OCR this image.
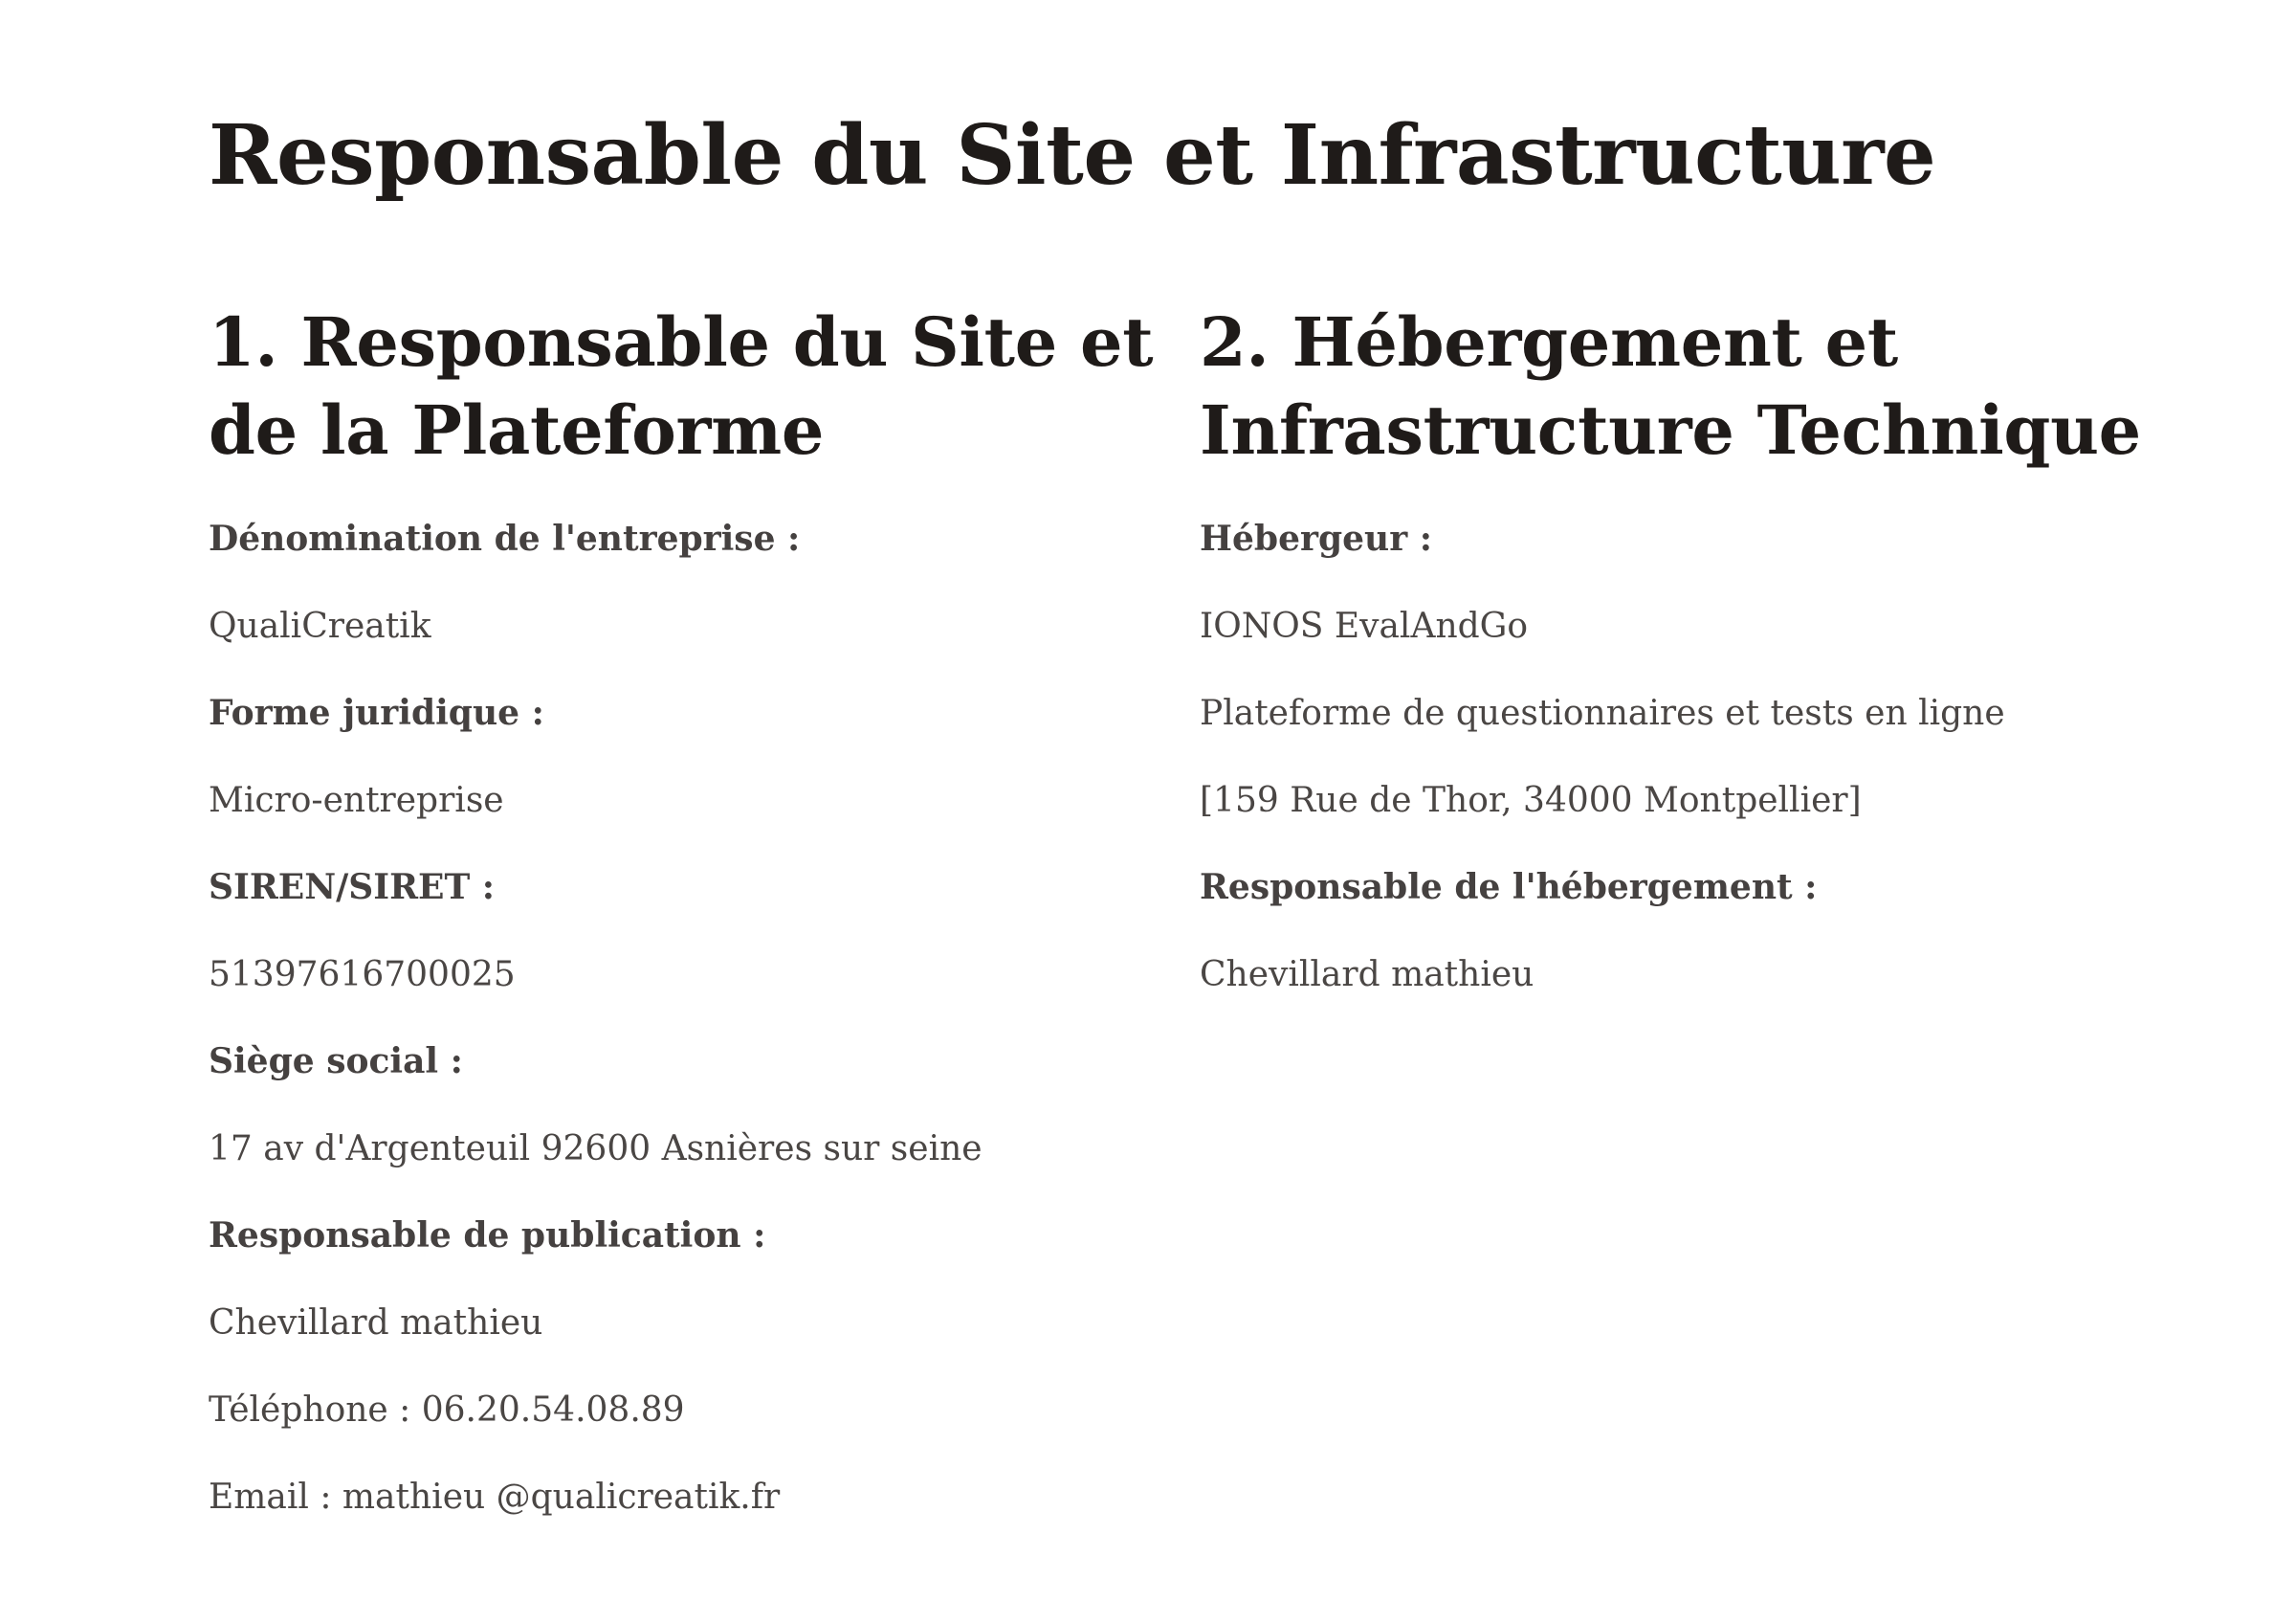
Responsable du Site et Infrastructure
1. Responsable du Site et
de la Plateforme
Dénomination de l'entreprise :
QualiCreatik
Forme juridique :
Micro-entreprise
SIREN/SIRET :
51397616700025
Siège social :
17 av d'Argenteuil 92600 Asnières sur seine
Responsable de publication :
Chevillard mathieu
Téléphone : 06.20.54.08.89
Email : mathieu @qualicreatik.fr
2. Hébergement et
Infrastructure Technique
Hébergeur :
IONOS EvalAndGo
Plateforme de questionnaires et tests en ligne
[159 Rue de Thor, 34000 Montpellier]
Responsable de l'hébergement :
Chevillard mathieu
